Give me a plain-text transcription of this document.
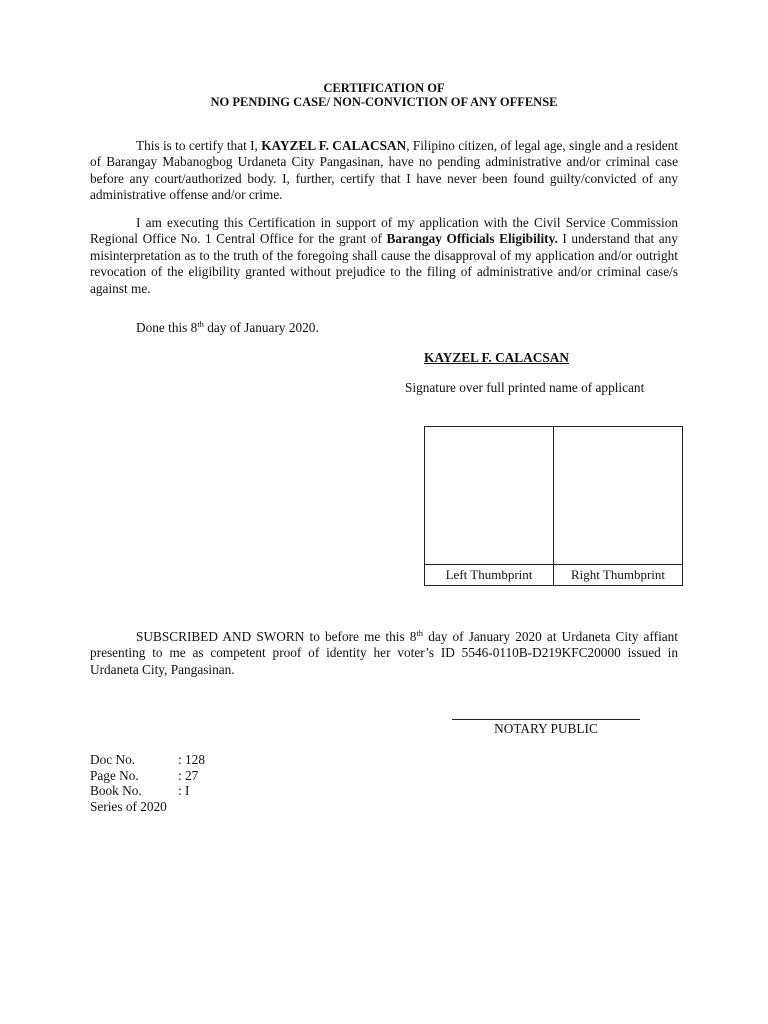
CERTIFICATION OF
NO PENDING CASE/ NON-CONVICTION OF ANY OFFENSE
This is to certify that I, KAYZEL F. CALACSAN, Filipino citizen, of legal age, single and a resident of Barangay Mabanogbog Urdaneta City Pangasinan, have no pending administrative and/or criminal case before any court/authorized body. I, further, certify that I have never been found guilty/convicted of any administrative offense and/or crime.
I am executing this Certification in support of my application with the Civil Service Commission Regional Office No. 1 Central Office for the grant of Barangay Officials Eligibility. I understand that any misinterpretation as to the truth of the foregoing shall cause the disapproval of my application and/or outright revocation of the eligibility granted without prejudice to the filing of administrative and/or criminal case/s against me.
Done this 8th day of January 2020.
KAYZEL F. CALACSAN
Signature over full printed name of applicant
Left Thumbprint	Right Thumbprint
SUBSCRIBED AND SWORN to before me this 8th day of January 2020 at Urdaneta City affiant presenting to me as competent proof of identity her voter’s ID 5546-0110B-D219KFC20000 issued in Urdaneta City, Pangasinan.
NOTARY PUBLIC
Doc No.	: 128
Page No.	: 27
Book No.	: I
Series of 2020
